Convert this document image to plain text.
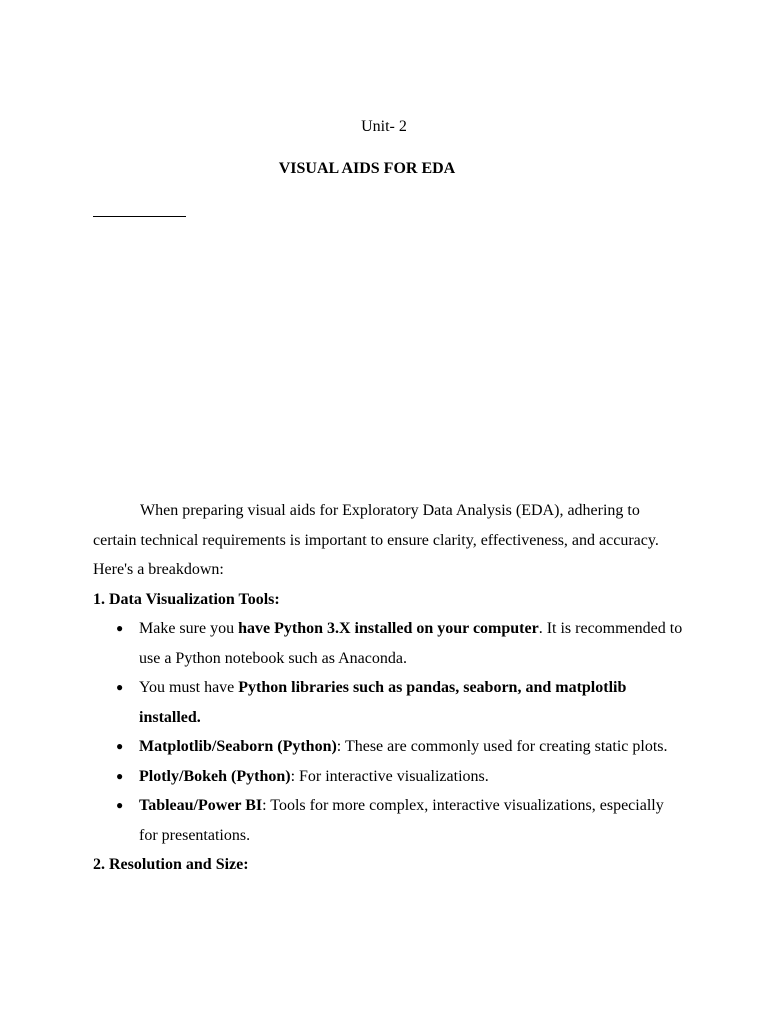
Unit- 2
VISUAL AIDS FOR EDA

When preparing visual aids for Exploratory Data Analysis (EDA), adhering to certain technical requirements is important to ensure clarity, effectiveness, and accuracy. Here's a breakdown:

1. Data Visualization Tools:

● Make sure you have Python 3.X installed on your computer. It is recommended to use a Python notebook such as Anaconda.
● You must have Python libraries such as pandas, seaborn, and matplotlib installed.
● Matplotlib/Seaborn (Python): These are commonly used for creating static plots.
● Plotly/Bokeh (Python): For interactive visualizations.
● Tableau/Power BI: Tools for more complex, interactive visualizations, especially for presentations.

2. Resolution and Size:
